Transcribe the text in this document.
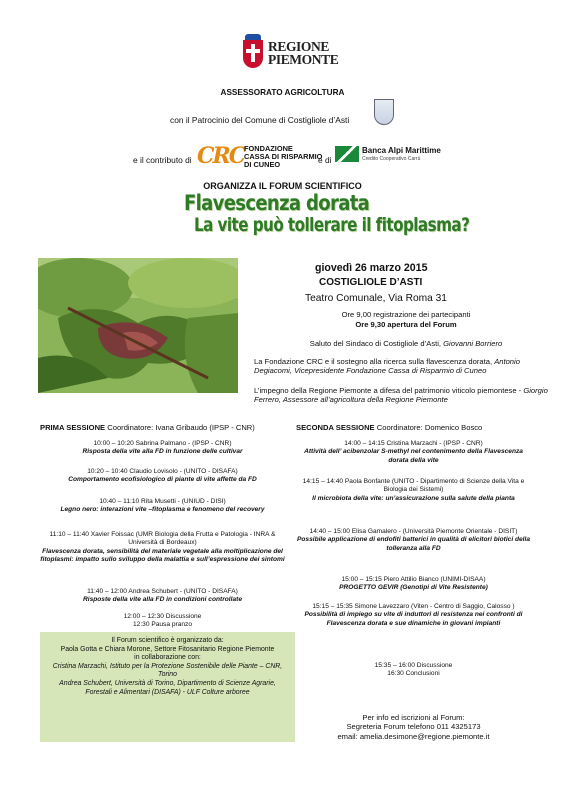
REGIONE
PIEMONTE
ASSESSORATO AGRICOLTURA
con il Patrocinio del Comune di Costigliole d’Asti
e il contributo di CRC FONDAZIONE
CASSA DI RISPARMIO
DI CUNEO	e di
Banca Alpi Marittime
Credito Cooperativo Carrù
ORGANIZZA IL FORUM SCIENTIFICO
Flavescenza dorata
La vite può tollerare il fitoplasma?
giovedì 26 marzo 2015
COSTIGLIOLE D’ASTI
Teatro Comunale, Via Roma 31
Ore 9,00 registrazione dei partecipanti
Ore 9,30 apertura del Forum
Saluto del Sindaco di Costigliole d’Asti, Giovanni Borriero
La Fondazione CRC e il sostegno alla ricerca sulla flavescenza dorata, Antonio Degiacomi, Vicepresidente Fondazione Cassa di Risparmio di Cuneo
L’impegno della Regione Piemonte a difesa del patrimonio viticolo piemontese - Giorgio Ferrero, Assessore all’agricoltura della Regione Piemonte
PRIMA SESSIONE Coordinatore: Ivana Gribaudo (IPSP - CNR)
10:00 – 10:20 Sabrina Palmano - (IPSP - CNR)
Risposta della vite alla FD in funzione delle cultivar
10:20 – 10:40 Claudio Lovisolo - (UNITO - DISAFA)
Comportamento ecofisiologico di piante di vite affette da FD
10:40 – 11:10 Rita Musetti - (UNIUD - DISI)
Legno nero: interazioni vite –fitoplasma e fenomeno del recovery
11:10 – 11:40 Xavier Foissac (UMR Biologia della Frutta e Patologia - INRA & Università di Bordeaux)
Flavescenza dorata, sensibilità del materiale vegetale alla moltiplicazione del fitoplasmi: impatto sullo sviluppo della malattia e sull’espressione dei sintomi
11:40 – 12:00 Andrea Schubert - (UNITO - DISAFA)
Risposte della vite alla FD in condizioni controllate
12:00 – 12:30 Discussione
12:30 Pausa pranzo
SECONDA SESSIONE Coordinatore: Domenico Bosco
14:00 – 14:15 Cristina Marzachi - (IPSP - CNR)
Attività dell’ acibenzolar S-methyl nel contenimento della Flavescenza dorata della vite
14:15 – 14:40 Paola Bonfante (UNITO - Dipartimento di Scienze della Vita e Biologia dei Sistemi)
Il microbiota della vite: un’assicurazione sulla salute della pianta
14:40 – 15:00 Elisa Gamalero - (Università Piemonte Orientale - DISIT)
Possibile applicazione di endofiti batterici in qualità di elicitori biotici della tolleranza alla FD
15:00 – 15:15 Piero Attilio Bianco (UNIMI-DISAA)
PROGETTO GEVIR (Genotipi di Vite Resistente)
15:15 – 15:35 Simone Lavezzaro (Viten - Centro di Saggio, Calosso )
Possibilità di impiego su vite di induttori di resistenza nei confronti di Flavescenza dorata e sue dinamiche in giovani impianti
15:35 – 16:00 Discussione
16:30 Conclusioni
Il Forum scientifico è organizzato da:
Paola Gotta e Chiara Morone, Settore Fitosanitario Regione Piemonte
in collaborazione con:
Cristina Marzachi, Istituto per la Protezione Sostenibile delle Piante – CNR, Torino
Andrea Schubert, Università di Torino, Dipartimento di Scienze Agrarie, Forestali e Alimentari (DISAFA) - ULF Colture arboree
Per info ed iscrizioni al Forum:
Segreteria Forum telefono 011 4325173
email: amelia.desimone@regione.piemonte.it
